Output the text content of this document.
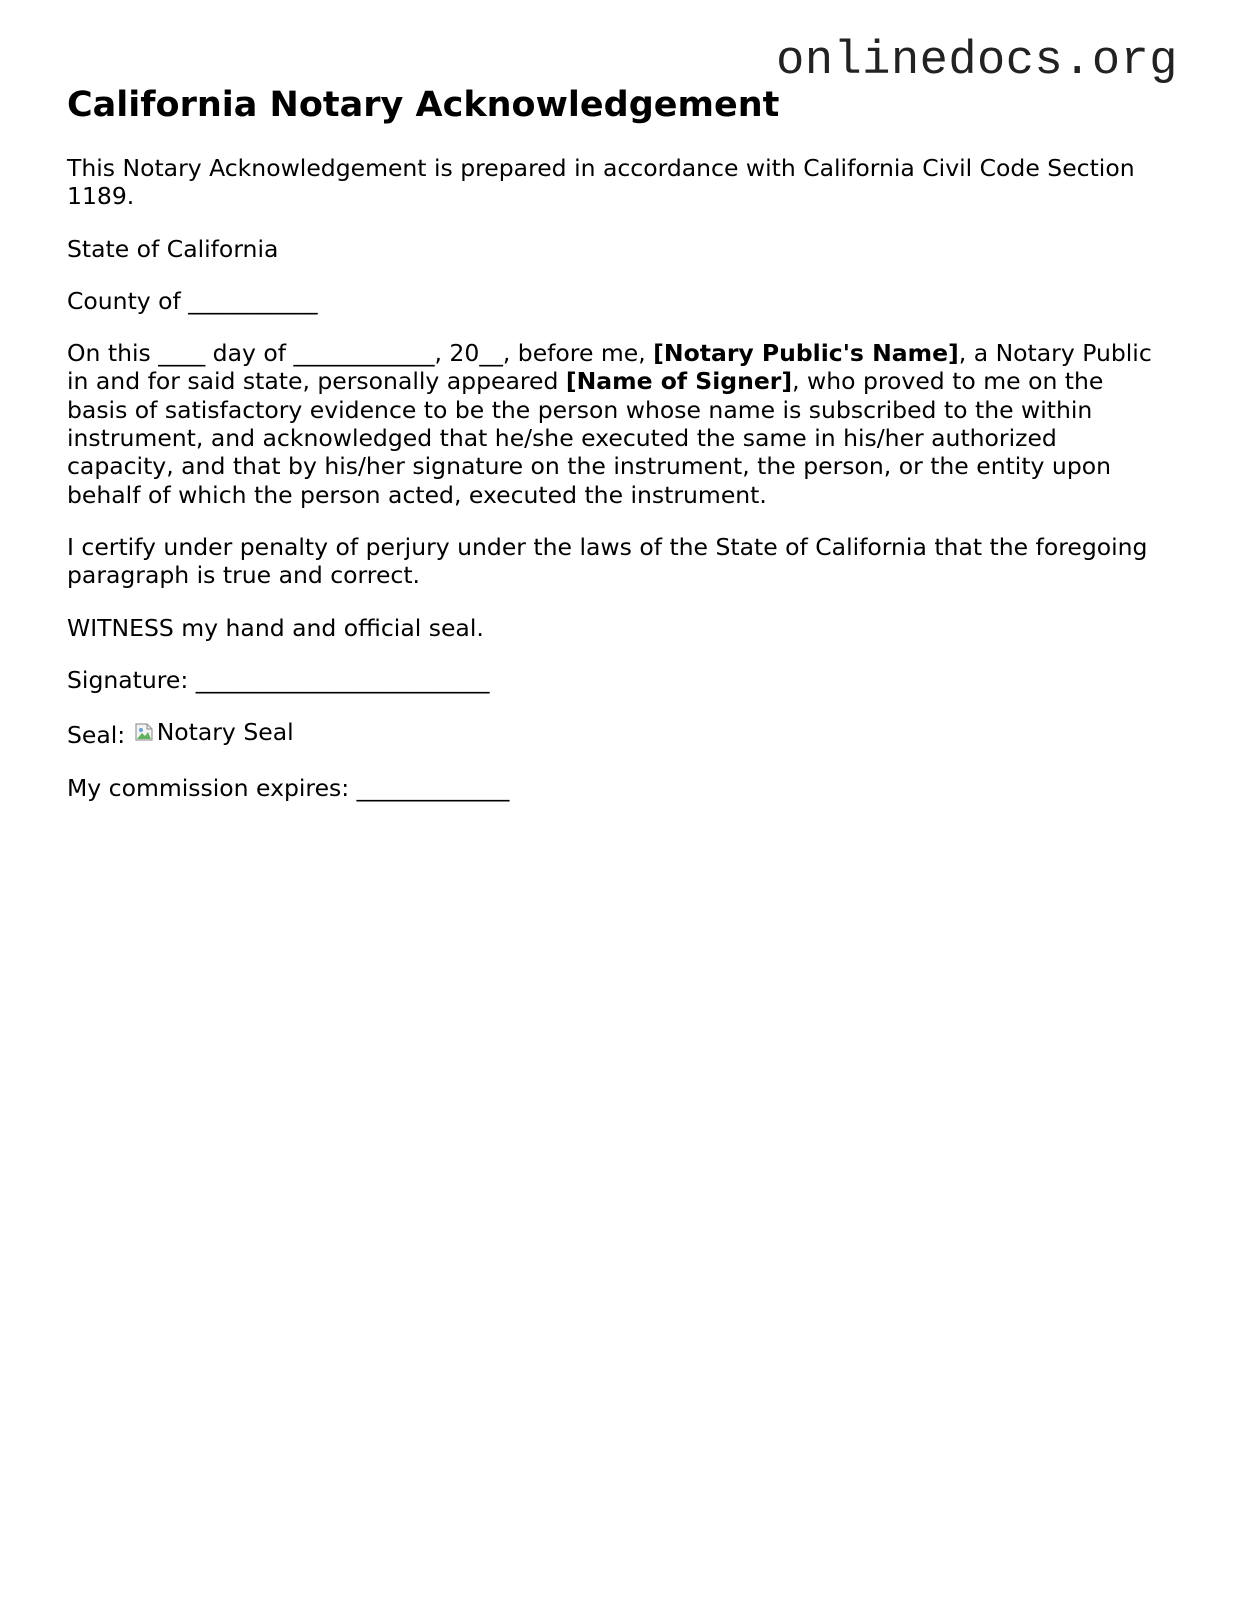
onlinedocs.org
California Notary Acknowledgement

This Notary Acknowledgement is prepared in accordance with California Civil Code Section 1189.

State of California

County of ___________

On this ____ day of ____________, 20__, before me, [Notary Public's Name], a Notary Public in and for said state, personally appeared [Name of Signer], who proved to me on the basis of satisfactory evidence to be the person whose name is subscribed to the within instrument, and acknowledged that he/she executed the same in his/her authorized capacity, and that by his/her signature on the instrument, the person, or the entity upon behalf of which the person acted, executed the instrument.

I certify under penalty of perjury under the laws of the State of California that the foregoing paragraph is true and correct.

WITNESS my hand and official seal.

Signature: _________________________

Seal: Notary Seal

My commission expires: _____________
